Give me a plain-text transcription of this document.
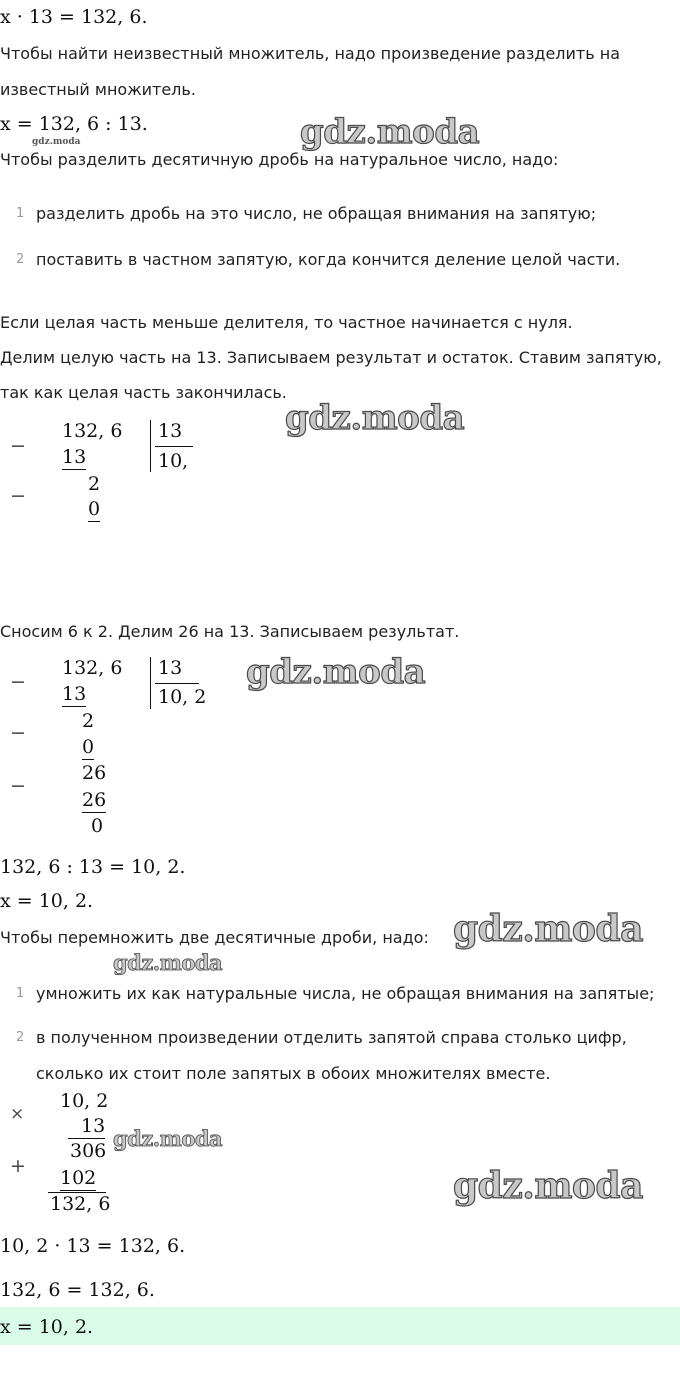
x · 13 = 132, 6.
Чтобы найти неизвестный множитель, надо произведение разделить на
известный множитель.
x = 132, 6 : 13.
gdz.moda	gdz.moda
Чтобы разделить десятичную дробь на натуральное число, надо:
1 разделить дробь на это число, не обращая внимания на запятую;
2 поставить в частном запятую, когда кончится деление целой части.
Если целая часть меньше делителя, то частное начинается с нуля.
Делим целую часть на 13. Записываем результат и остаток. Ставим запятую,
так как целая часть закончилась.
−
132, 6
13
13
10,
−
2
0
gdz.moda
Сносим 6 к 2. Делим 26 на 13. Записываем результат.
−
132, 6
13
13
10, 2
−
2
0
−
26
26
0
gdz.moda
132, 6 : 13 = 10, 2.
x = 10, 2.
Чтобы перемножить две десятичные дроби, надо: gdz.moda
gdz.moda
1 умножить их как натуральные числа, не обращая внимания на запятые;
2 в полученном произведении отделить запятой справа столько цифр,
сколько их стоит поле запятых в обоих множителях вместе.
×
10, 2
13
306
+
102
132, 6
gdz.moda
gdz.moda
10, 2 · 13 = 132, 6.
132, 6 = 132, 6.
x = 10, 2.
